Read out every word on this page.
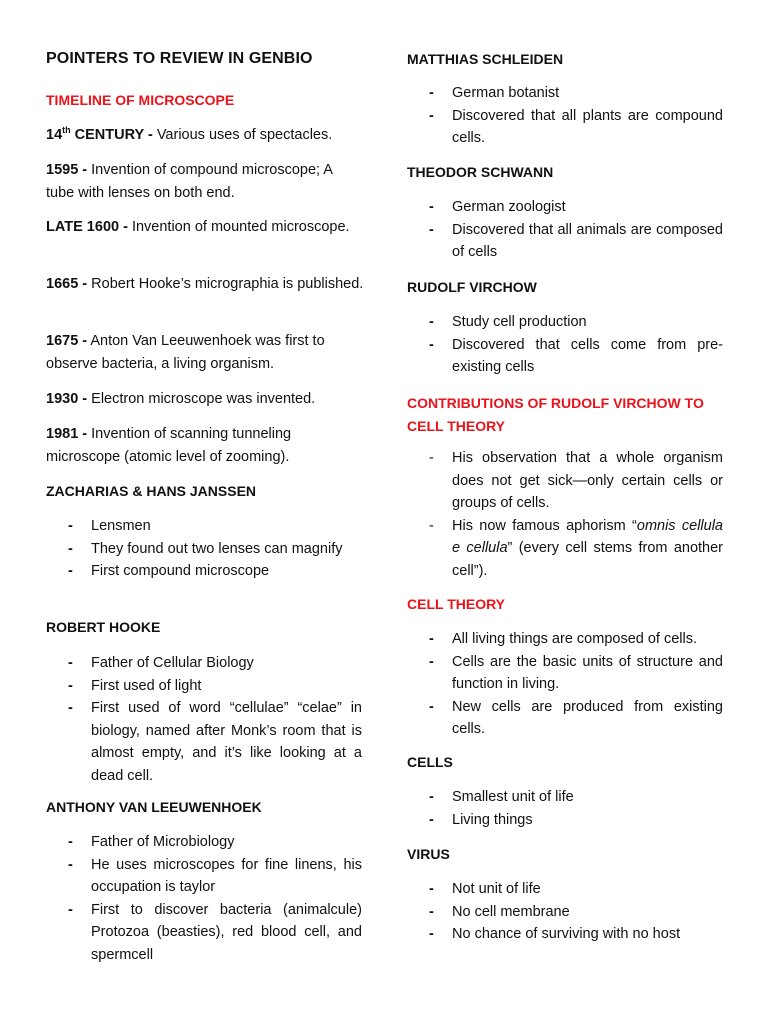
POINTERS TO REVIEW IN GENBIO
TIMELINE OF MICROSCOPE
14th CENTURY - Various uses of spectacles.
1595 - Invention of compound microscope; A tube with lenses on both end.
LATE 1600 - Invention of mounted microscope.
1665 - Robert Hooke’s micrographia is published.
1675 - Anton Van Leeuwenhoek was first to observe bacteria, a living organism.
1930 - Electron microscope was invented.
1981 - Invention of scanning tunneling microscope (atomic level of zooming).
ZACHARIAS & HANS JANSSEN
- Lensmen
- They found out two lenses can magnify
- First compound microscope
ROBERT HOOKE
- Father of Cellular Biology
- First used of light
- First used of word “cellulae” “celae” in biology, named after Monk’s room that is almost empty, and it’s like looking at a dead cell.
ANTHONY VAN LEEUWENHOEK
- Father of Microbiology
- He uses microscopes for fine linens, his occupation is taylor
- First to discover bacteria (animalcule) Protozoa (beasties), red blood cell, and spermcell
MATTHIAS SCHLEIDEN
- German botanist
- Discovered that all plants are compound cells.
THEODOR SCHWANN
- German zoologist
- Discovered that all animals are composed of cells
RUDOLF VIRCHOW
- Study cell production
- Discovered that cells come from pre-existing cells
CONTRIBUTIONS OF RUDOLF VIRCHOW TO CELL THEORY
- His observation that a whole organism does not get sick—only certain cells or groups of cells.
- His now famous aphorism “omnis cellula e cellula” (every cell stems from another cell”).
CELL THEORY
- All living things are composed of cells.
- Cells are the basic units of structure and function in living.
- New cells are produced from existing cells.
CELLS
- Smallest unit of life
- Living things
VIRUS
- Not unit of life
- No cell membrane
- No chance of surviving with no host
